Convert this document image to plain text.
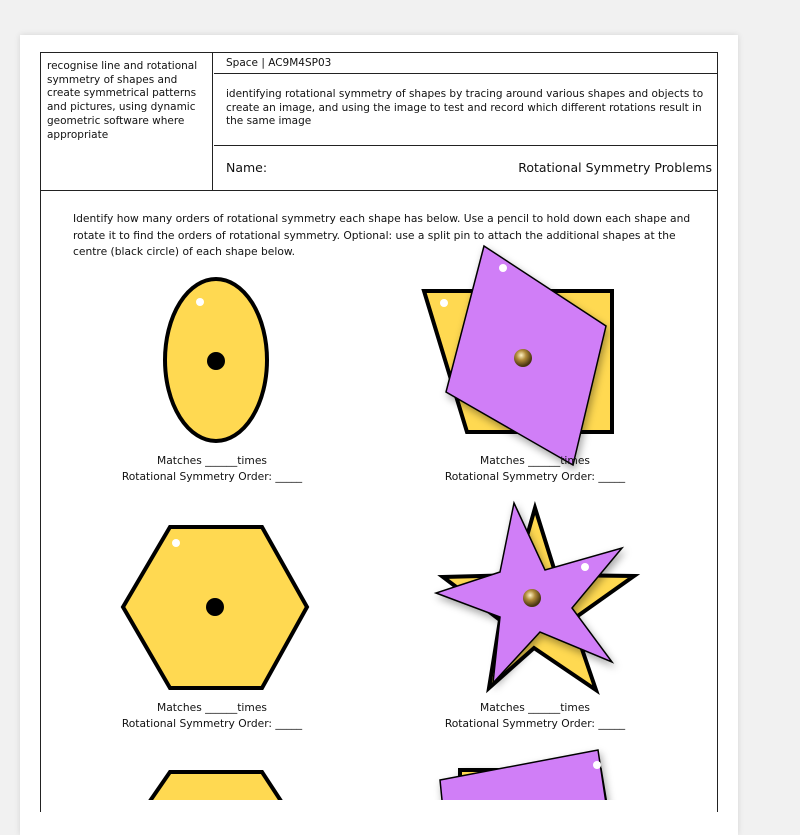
recognise line and rotational symmetry of shapes and create symmetrical patterns and pictures, using dynamic geometric software where appropriate
Space | AC9M4SP03
identifying rotational symmetry of shapes by tracing around various shapes and objects to create an image, and using the image to test and record which different rotations result in the same image
Name:	Rotational Symmetry Problems
Identify how many orders of rotational symmetry each shape has below. Use a pencil to hold down each shape and rotate it to find the orders of rotational symmetry. Optional: use a split pin to attach the additional shapes at the centre (black circle) of each shape below.
Matches ______times
Rotational Symmetry Order: _____
Matches ______times
Rotational Symmetry Order: _____
Matches ______times
Rotational Symmetry Order: _____
Matches ______times
Rotational Symmetry Order: _____
